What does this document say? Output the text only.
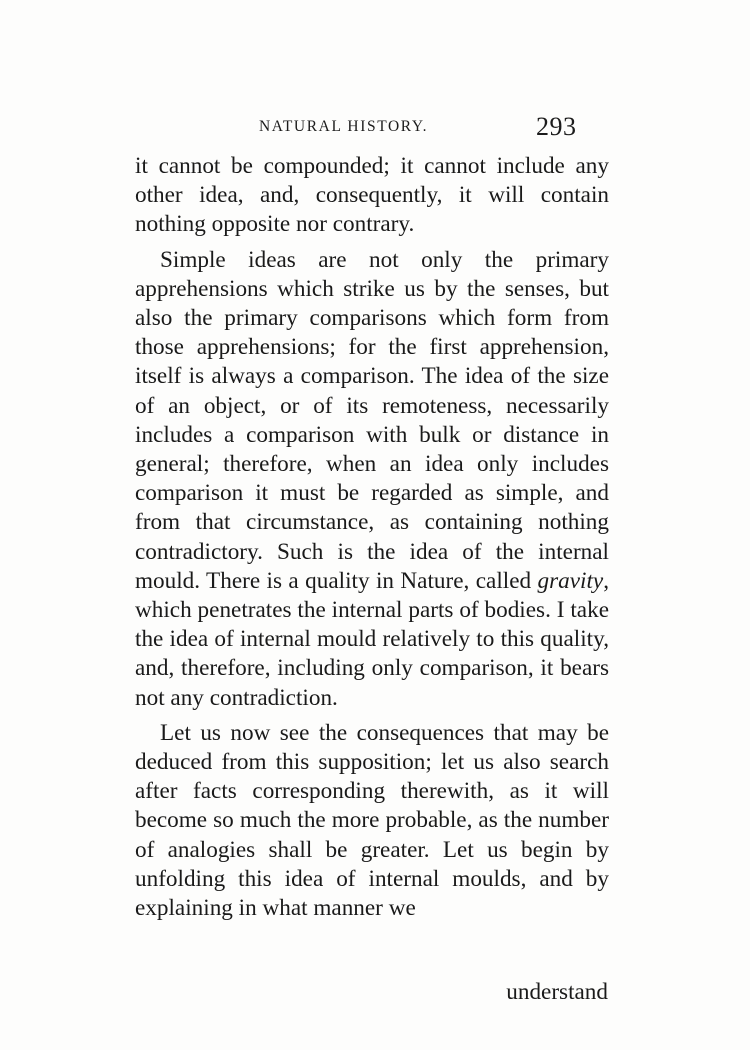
NATURAL HISTORY.	293

it cannot be compounded; it cannot include any other idea, and, consequently, it will contain nothing opposite nor contrary.

Simple ideas are not only the primary apprehensions which strike us by the senses, but also the primary comparisons which form from those apprehensions; for the first apprehension, itself is always a comparison. The idea of the size of an object, or of its remoteness, necessarily includes a comparison with bulk or distance in general; therefore, when an idea only includes comparison it must be regarded as simple, and from that circumstance, as containing nothing contradictory. Such is the idea of the internal mould. There is a quality in Nature, called gravity, which penetrates the internal parts of bodies. I take the idea of internal mould relatively to this quality, and, therefore, including only comparison, it bears not any contradiction.

Let us now see the consequences that may be deduced from this supposition; let us also search after facts corresponding therewith, as it will become so much the more probable, as the number of analogies shall be greater. Let us begin by unfolding this idea of internal moulds, and by explaining in what manner we

understand
